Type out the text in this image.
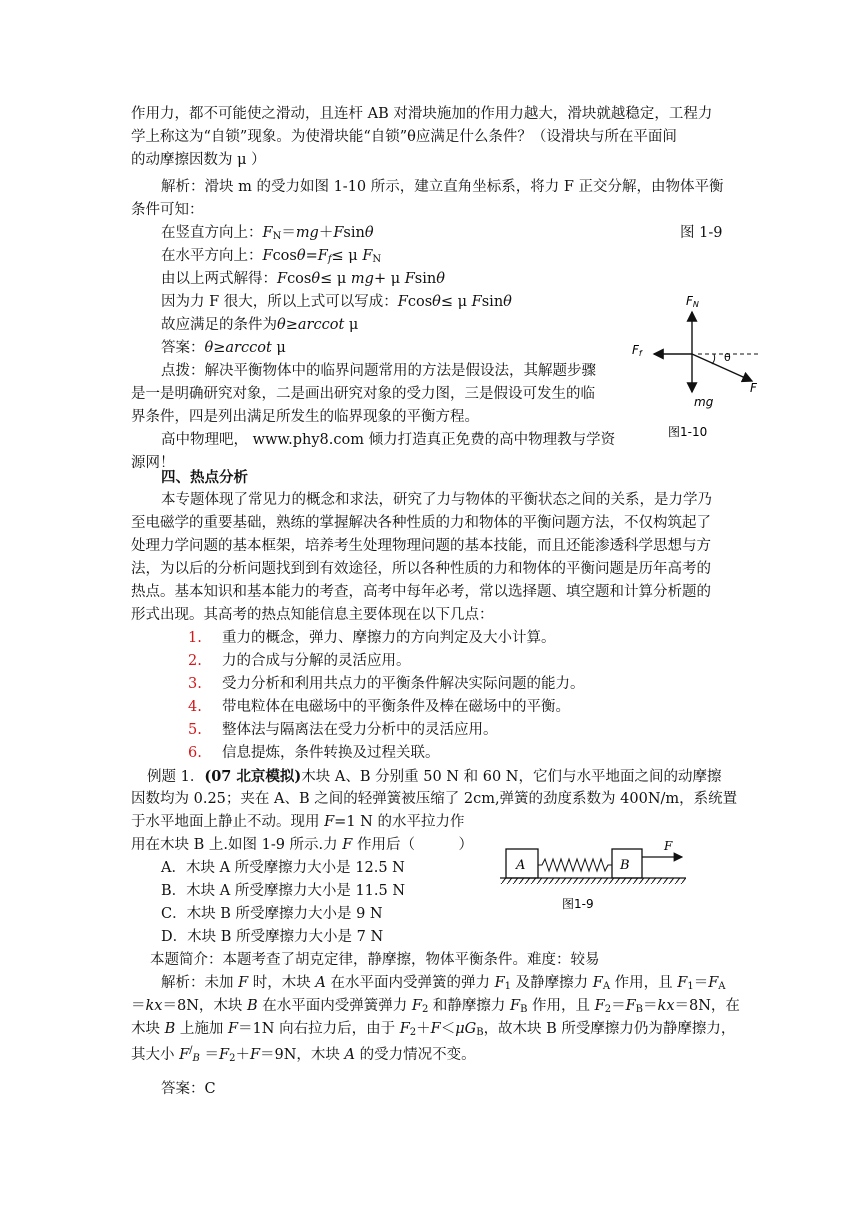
作用力，都不可能使之滑动，且连杆 AB 对滑块施加的作用力越大，滑块就越稳定，工程力
学上称这为“自锁”现象。为使滑块能“自锁”θ应满足什么条件？（设滑块与所在平面间
的动摩擦因数为 μ ）
解析：滑块 m 的受力如图 1-10 所示，建立直角坐标系，将力 F 正交分解，由物体平衡
条件可知：
在竖直方向上：$F_N=mg+Fsin\theta$	图 1-9
在水平方向上：$Fcos\theta=F_f\le \mu$ $F_N$
由以上两式解得：Fcosθ≤ μ mg+ μ Fsinθ
因为力 F 很大，所以上式可以写成：Fcosθ≤ μ Fsinθ
故应满足的条件为θ≥arccot μ
答案：θ≥arccot μ
点拨：解决平衡物体中的临界问题常用的方法是假设法，其解题步骤
是一是明确研究对象，二是画出研究对象的受力图，三是假设可发生的临
界条件，四是列出满足所发生的临界现象的平衡方程。
高中物理吧， www.phy8.com 倾力打造真正免费的高中物理教与学资
源网！
FN
Ff	θ
F
mg
图1-10
四、热点分析
本专题体现了常见力的概念和求法，研究了力与物体的平衡状态之间的关系，是力学乃
至电磁学的重要基础，熟练的掌握解决各种性质的力和物体的平衡问题方法，不仅构筑起了
处理力学问题的基本框架，培养考生处理物理问题的基本技能，而且还能渗透科学思想与方
法，为以后的分析问题找到到有效途径，所以各种性质的力和物体的平衡问题是历年高考的
热点。基本知识和基本能力的考查，高考中每年必考，常以选择题、填空题和计算分析题的
形式出现。其高考的热点知能信息主要体现在以下几点：
1. 重力的概念，弹力、摩擦力的方向判定及大小计算。
2. 力的合成与分解的灵活应用。
3. 受力分析和利用共点力的平衡条件解决实际问题的能力。
4. 带电粒体在电磁场中的平衡条件及棒在磁场中的平衡。
5. 整体法与隔离法在受力分析中的灵活应用。
6. 信息提炼，条件转换及过程关联。
例题 1．(07 北京模拟)木块 A、B 分别重 50 N 和 60 N，它们与水平地面之间的动摩擦
因数均为 0.25；夹在 A、B 之间的轻弹簧被压缩了 2cm,弹簧的劲度系数为 400N/m，系统置
于水平地面上静止不动。现用 F=1 N 的水平拉力作
用在木块 B 上.如图 1-9 所示.力 F 作用后（　　　）
A．木块 A 所受摩擦力大小是 12.5 N
B．木块 A 所受摩擦力大小是 11.5 N
C．木块 B 所受摩擦力大小是 9 N
D．木块 B 所受摩擦力大小是 7 N
A	B
F
图1-9
本题简介：本题考查了胡克定律，静摩擦，物体平衡条件。难度：较易
解析：未加 F 时，木块 A 在水平面内受弹簧的弹力 $F_1$ 及静摩擦力 $F_A$ 作用，且 $F_1=F_A$
＝kx＝8N，木块 B 在水平面内受弹簧弹力 $F_2$ 和静摩擦力 $F_B$ 作用，且 $F_2=F_B=kx=8N$，在
木块 B 上施加 F＝1N 向右拉力后，由于 $F_2+F<\mu G_B$，故木块 B 所受摩擦力仍为静摩擦力，
其大小 $F^/_B =F_2+F=9N$，木块 A 的受力情况不变。
答案：C
